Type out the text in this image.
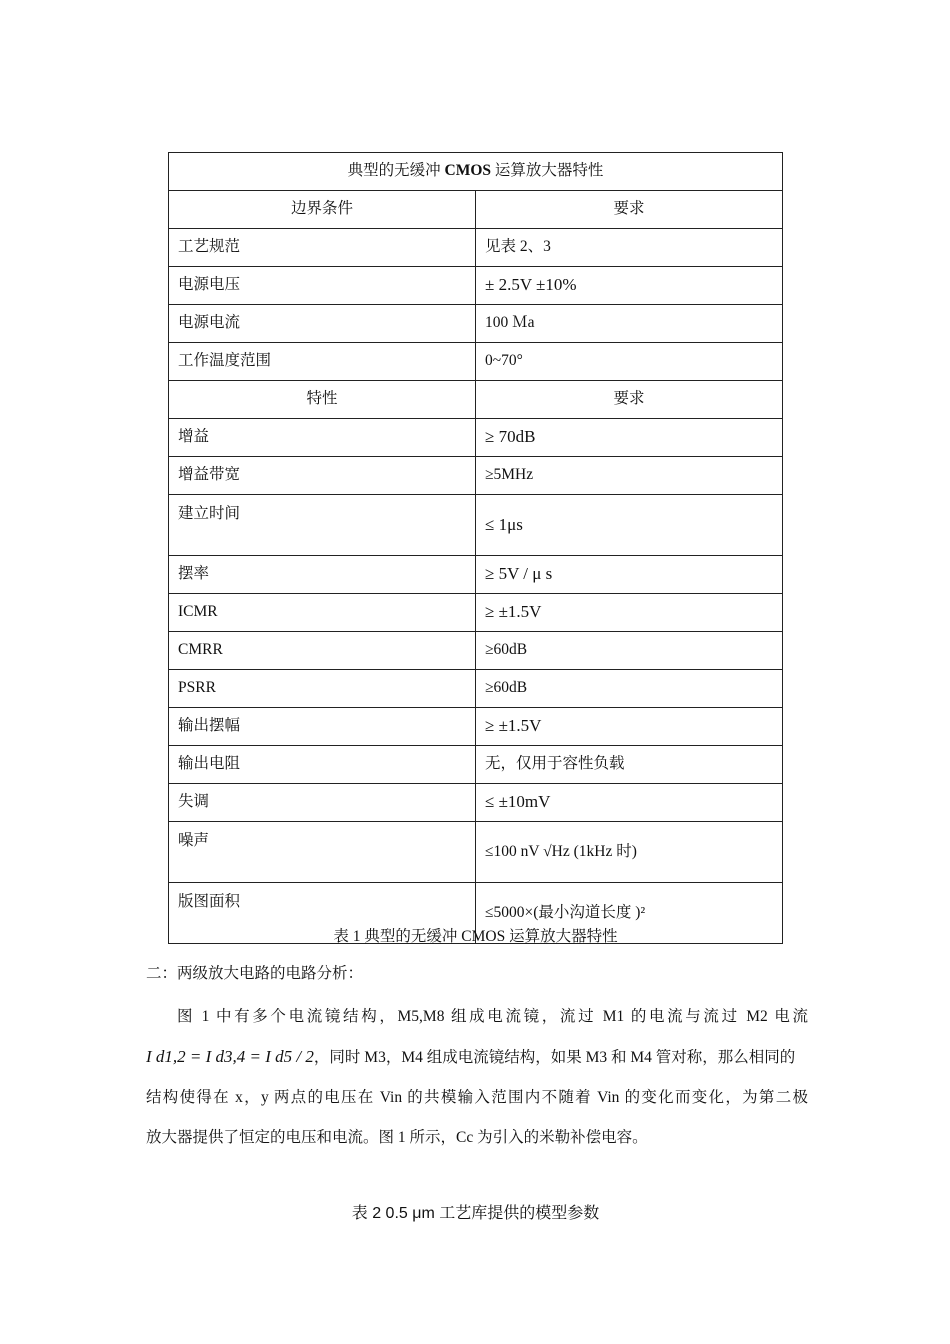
典型的无缓冲 CMOS 运算放大器特性	
边界条件	要求
工艺规范	见表 2、3
电源电压	± 2.5V ±10%
电源电流	100 Ｍa
工作温度范围	0~70°
特性	要求
增益	≥ 70dB
增益带宽	≥5MHz
建立时间	≤ 1μs
摆率	≥ 5V / μ s
ICMR	≥ ±1.5V
CMRR	≥60dB
PSRR	≥60dB
输出摆幅	≥ ±1.5V
输出电阻	无，仅用于容性负载
失调	≤ ±10mV
噪声	≤100 nV √Hz (1kHz 时)
版图面积	≤5000×(最小沟道长度 )²
表 1 典型的无缓冲 CMOS 运算放大器特性
二：两级放大电路的电路分析：

图 1 中有多个电流镜结构，M5,M8 组成电流镜，流过 M1 的电流与流过 M2 电流

I d1,2 = I d3,4 = I d5 / 2，同时 M3，M4 组成电流镜结构，如果 M3 和 M4 管对称，那么相同的

结构使得在 x，y 两点的电压在 Vin 的共模输入范围内不随着 Vin 的变化而变化，为第二极

放大器提供了恒定的电压和电流。图 1 所示，Cc 为引入的米勒补偿电容。

表 2 0.5 μm 工艺库提供的模型参数
